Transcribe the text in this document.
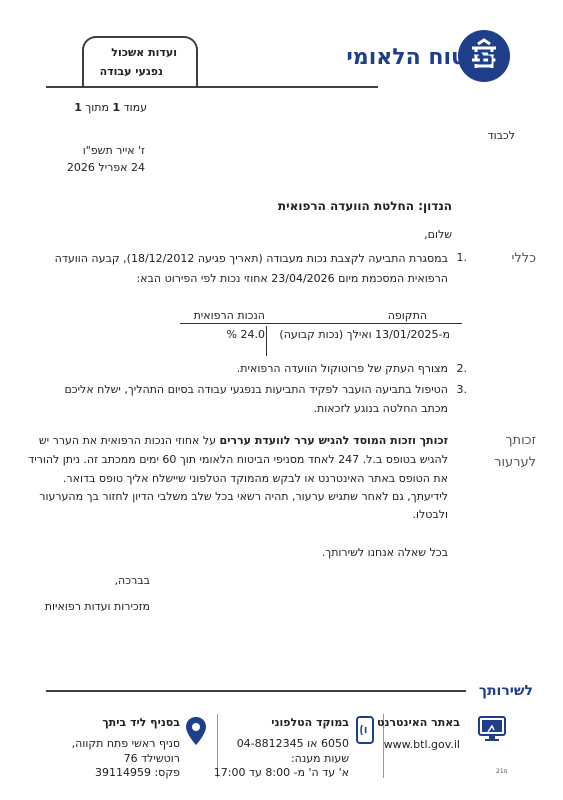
הביטוח הלאומי
ועדות אשכול
נפגעי עבודה
עמוד 1 מתוך 1
לכבוד
ז' אייר תשפ"ו
24 אפריל 2026
הנדון: החלטת הוועדה הרפואית
שלום,
כללי
זכותך
לערעור
1.
במסגרת התביעה לקצבת נכות מעבודה (תאריך פגיעה 18/12/2012), קבעה הוועדה
הרפואית המסכמת מיום 23/04/2026 אחוזי נכות לפי הפירוט הבא:
התקופה
הנכות הרפואית
מ-13/01/2025 ואילך (נכות קבועה)
24.0 %
2.
מצורף העתק של פרוטוקול הוועדה הרפואית.
3.
הטיפול בתביעה הועבר לפקיד התביעות בנפגעי עבודה בסיום התהליך, ישלח אליכם
מכתב החלטה בנוגע לזכאות.
זכותך וזכות המוסד להגיש ערר לוועדת עררים על אחוזי הנכות הרפואית את הערר יש
להגיש בטופס ב.ל. 247 לאחד מסניפי הביטוח הלאומי תוך 60 ימים ממכתב זה. ניתן להוריד
את הטופס באתר האינטרנט או לבקש מהמוקד הטלפוני שיישלח אליך טופס בדואר.
לידיעתך, גם לאחר שתגיש ערעור, תהיה רשאי בכל שלב משלבי הדיון לחזור בך מהערעור
ולבטלו.
בכל שאלה אנחנו לשירותך.
בברכה,
מזכירות ועדות רפואיות
לשירותך
באתר האינטרנט
www.btl.gov.il
21ס
במוקד הטלפוני
6050 או 04-8812345
שעות מענה:
א' עד ה' מ- 8:00 עד 17:00
בסניף ליד ביתך
סניף ראשי פתח תקווה,
רוטשילד 76
פקס: 39114959
